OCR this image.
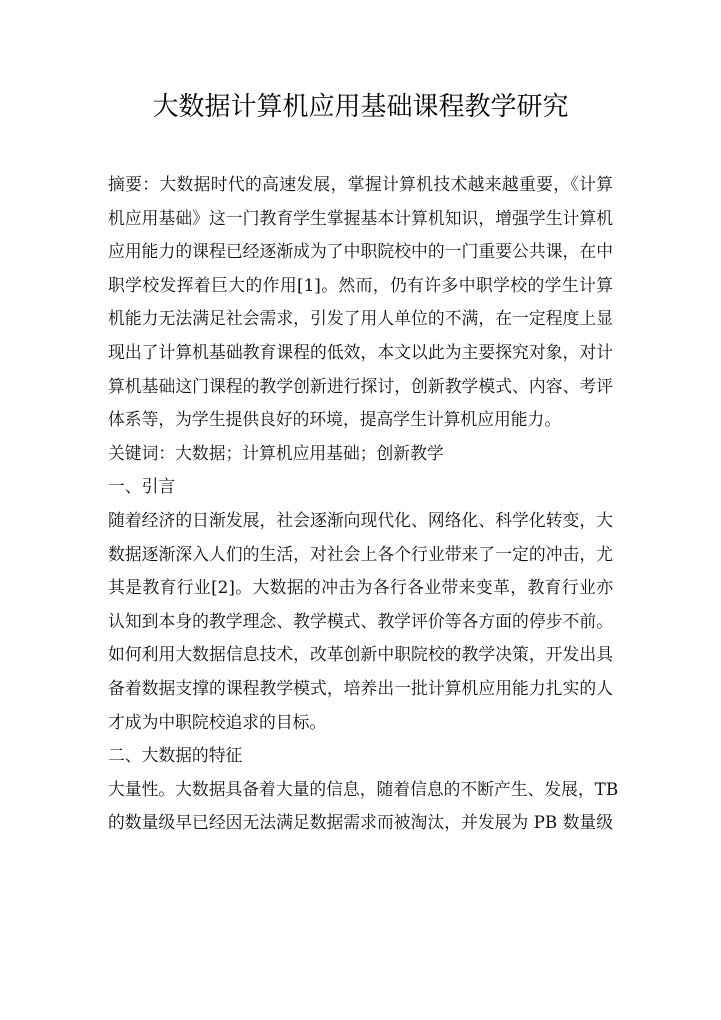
大数据计算机应用基础课程教学研究
摘要：大数据时代的高速发展，掌握计算机技术越来越重要，《计算
机应用基础》这一门教育学生掌握基本计算机知识，增强学生计算机
应用能力的课程已经逐渐成为了中职院校中的一门重要公共课，在中
职学校发挥着巨大的作用[1]。然而，仍有许多中职学校的学生计算
机能力无法满足社会需求，引发了用人单位的不满，在一定程度上显
现出了计算机基础教育课程的低效，本文以此为主要探究对象，对计
算机基础这门课程的教学创新进行探讨，创新教学模式、内容、考评
体系等，为学生提供良好的环境，提高学生计算机应用能力。
关键词：大数据；计算机应用基础；创新教学
一、引言
随着经济的日渐发展，社会逐渐向现代化、网络化、科学化转变，大
数据逐渐深入人们的生活，对社会上各个行业带来了一定的冲击，尤
其是教育行业[2]。大数据的冲击为各行各业带来变革，教育行业亦
认知到本身的教学理念、教学模式、教学评价等各方面的停步不前。
如何利用大数据信息技术，改革创新中职院校的教学决策，开发出具
备着数据支撑的课程教学模式，培养出一批计算机应用能力扎实的人
才成为中职院校追求的目标。
二、大数据的特征
大量性。大数据具备着大量的信息，随着信息的不断产生、发展，TB
的数量级早已经因无法满足数据需求而被淘汰，并发展为 PB 数量级
